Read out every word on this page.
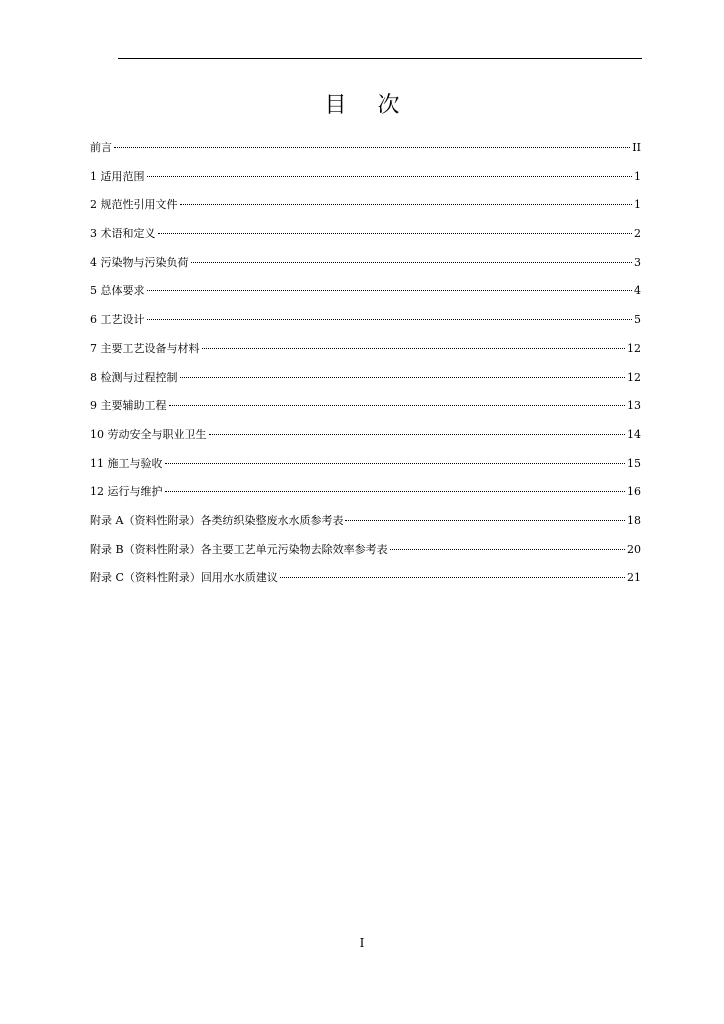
目 次
前言	II
1 适用范围	1
2 规范性引用文件	1
3 术语和定义	2
4 污染物与污染负荷	3
5 总体要求	4
6 工艺设计	5
7 主要工艺设备与材料	12
8 检测与过程控制	12
9 主要辅助工程	13
10 劳动安全与职业卫生	14
11 施工与验收	15
12 运行与维护	16
附录 A（资料性附录）各类纺织染整废水水质参考表	18
附录 B（资料性附录）各主要工艺单元污染物去除效率参考表	20
附录 C（资料性附录）回用水水质建议	21
I
